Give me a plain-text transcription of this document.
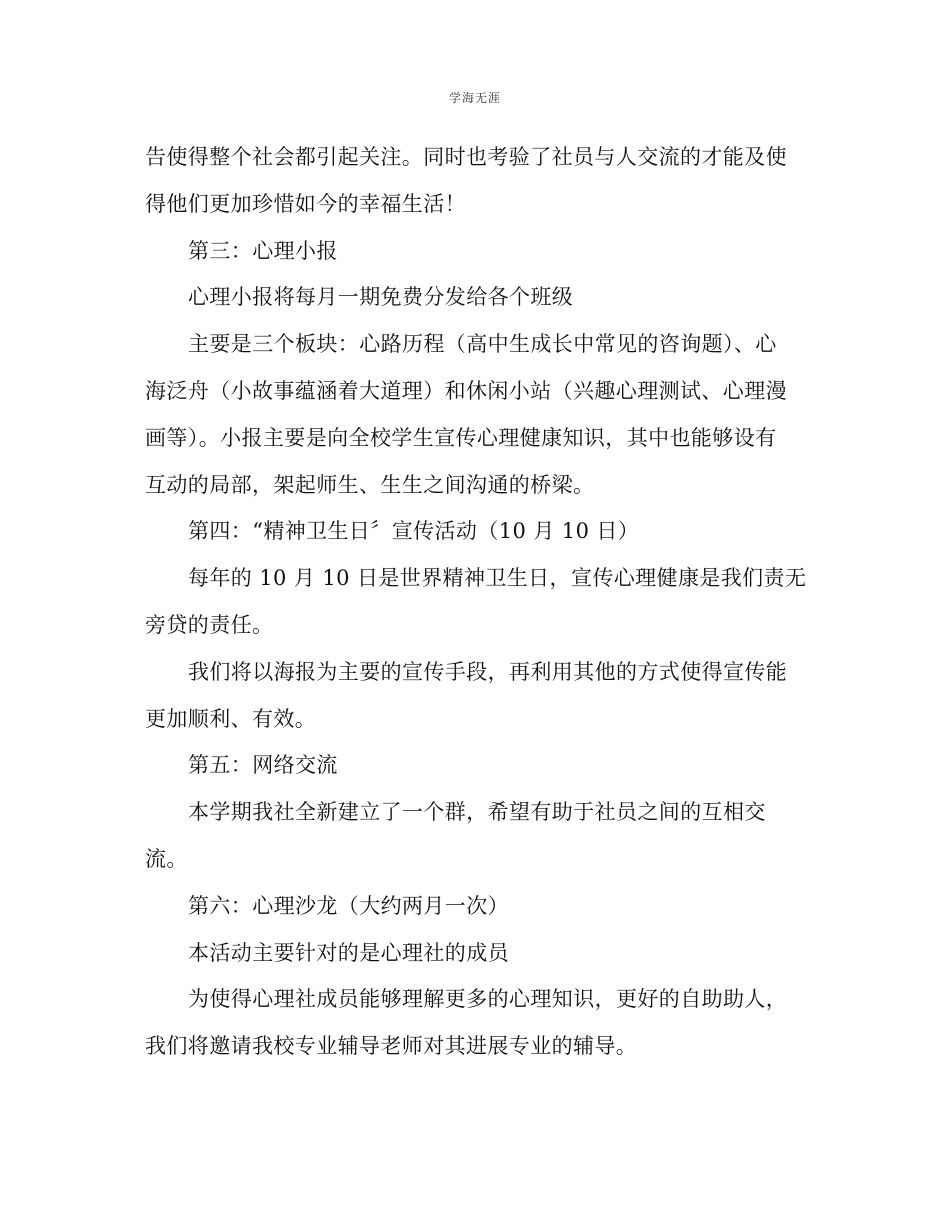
学海无涯

告使得整个社会都引起关注。同时也考验了社员与人交流的才能及使
得他们更加珍惜如今的幸福生活！

第三：心理小报

心理小报将每月一期免费分发给各个班级

主要是三个板块：心路历程（高中生成长中常见的咨询题）、心
海泛舟（小故事蕴涵着大道理）和休闲小站（兴趣心理测试、心理漫
画等）。小报主要是向全校学生宣传心理健康知识，其中也能够设有
互动的局部，架起师生、生生之间沟通的桥梁。

第四：“精神卫生日〞宣传活动（10 月 10 日）

每年的 10 月 10 日是世界精神卫生日，宣传心理健康是我们责无
旁贷的责任。

我们将以海报为主要的宣传手段，再利用其他的方式使得宣传能
更加顺利、有效。

第五：网络交流

本学期我社全新建立了一个群，希望有助于社员之间的互相交
流。

第六：心理沙龙（大约两月一次）

本活动主要针对的是心理社的成员

为使得心理社成员能够理解更多的心理知识，更好的自助助人，
我们将邀请我校专业辅导老师对其进展专业的辅导。
